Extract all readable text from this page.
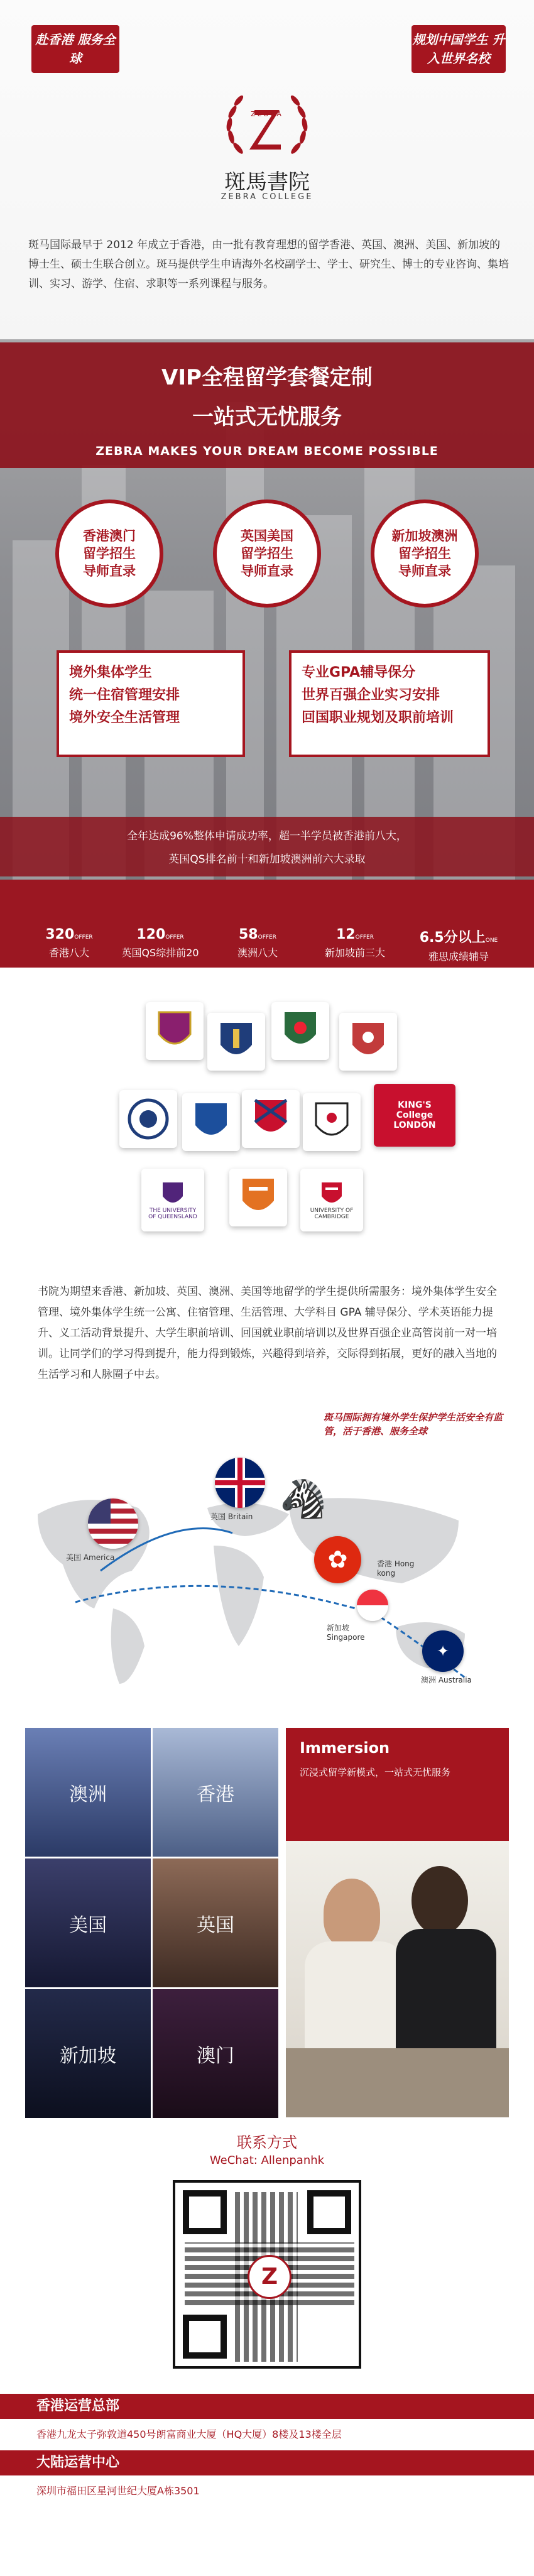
赴香港 服务全球
规划中国学生 升入世界名校
ZEBRA
斑馬書院
ZEBRA COLLEGE
斑马国际最早于 2012 年成立于香港，由一批有教育理想的留学香港、英国、澳洲、美国、新加坡的博士生、硕士生联合创立。斑马提供学生申请海外名校副学士、学士、研究生、博士的专业咨询、集培训、实习、游学、住宿、求职等一系列课程与服务。
VIP全程留学套餐定制
一站式无忧服务
ZEBRA MAKES YOUR DREAM BECOME POSSIBLE
香港澳门
留学招生
导师直录
英国美国
留学招生
导师直录
新加坡澳洲
留学招生
导师直录
境外集体学生
统一住宿管理安排
境外安全生活管理
专业GPA辅导保分
世界百强企业实习安排
回国职业规划及职前培训
全年达成96%整体申请成功率，超一半学员被香港前八大，
英国QS排名前十和新加坡澳洲前六大录取
320OFFER
香港八大
120OFFER
英国QS综排前20
58OFFER
澳洲八大
12OFFER
新加坡前三大
6.5分以上ONE
雅思成绩辅导
KING'S College LONDON
THE UNIVERSITY OF QUEENSLAND
UNIVERSITY OF CAMBRIDGE
书院为期望来香港、新加坡、英国、澳洲、美国等地留学的学生提供所需服务：境外集体学生安全管理、境外集体学生统一公寓、住宿管理、生活管理、大学科目 GPA 辅导保分、学术英语能力提升、义工活动背景提升、大学生职前培训、回国就业职前培训以及世界百强企业高管岗前一对一培训。让同学们的学习得到提升，能力得到锻炼，兴趣得到培养，交际得到拓展，更好的融入当地的生活学习和人脉圈子中去。
斑马国际拥有境外学生保护学生活安全有监管，活于香港、服务全球
✿
✦
🦓
美国 America
英国 Britain
香港 Hong kong
新加坡 Singapore
澳洲 Australia
澳洲	香港
美国	英国
新加坡	澳门
Immersion
沉浸式留学新模式，一站式无忧服务
联系方式
WeChat: Allenpanhk
Z
香港运营总部
香港九龙太子弥敦道450号朗富商业大厦（HQ大厦）8楼及13楼全层
大陆运营中心
深圳市福田区星河世纪大厦A栋3501
